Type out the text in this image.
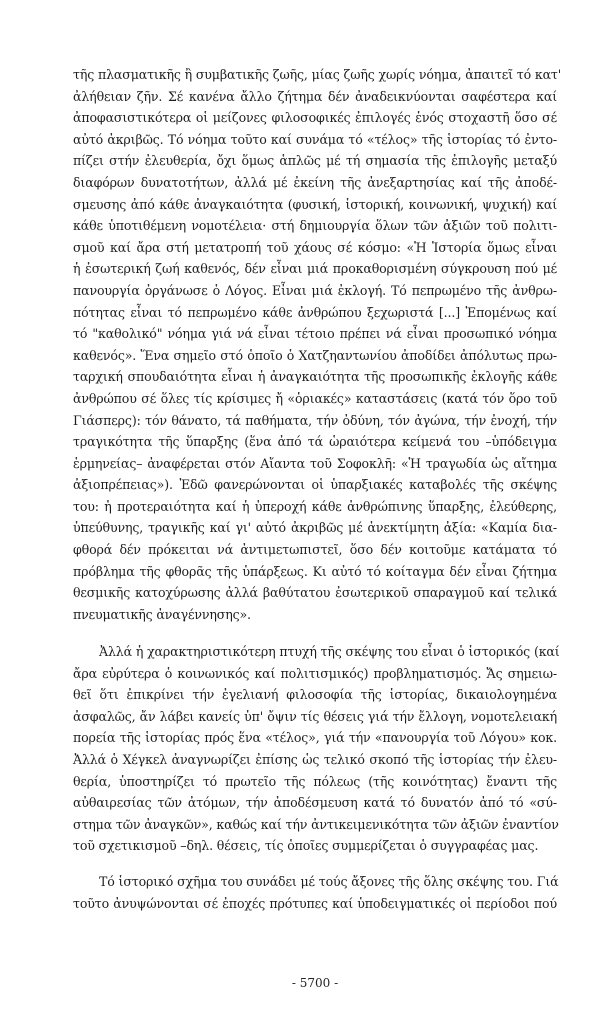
τῆς πλασματικῆς ἢ συμβατικῆς ζωῆς, μίας ζωῆς χωρίς νόημα, ἀπαιτεῖ τό κατ'
ἀλήθειαν ζῆν. Σέ κανένα ἄλλο ζήτημα δέν ἀναδεικνύονται σαφέστερα καί
ἀποφασιστικότερα οἱ μείζονες φιλοσοφικές ἐπιλογές ἑνός στοχαστῆ ὅσο σέ
αὐτό ἀκριβῶς. Τό νόημα τοῦτο καί συνάμα τό «τέλος» τῆς ἱστορίας τό ἐντο-
πίζει στήν ἐλευθερία, ὄχι ὅμως ἁπλῶς μέ τή σημασία τῆς ἐπιλογῆς μεταξύ
διαφόρων δυνατοτήτων, ἀλλά μέ ἐκείνη τῆς ἀνεξαρτησίας καί τῆς ἀποδέ-
σμευσης ἀπό κάθε ἀναγκαιότητα (φυσική, ἱστορική, κοινωνική, ψυχική) καί
κάθε ὑποτιθέμενη νομοτέλεια· στή δημιουργία ὅλων τῶν ἀξιῶν τοῦ πολιτι-
σμοῦ καί ἄρα στή μετατροπή τοῦ χάους σέ κόσμο: «Ἡ Ἱστορία ὅμως εἶναι
ἡ ἐσωτερική ζωή καθενός, δέν εἶναι μιά προκαθορισμένη σύγκρουση πού μέ
πανουργία ὀργάνωσε ὁ Λόγος. Εἶναι μιά ἐκλογή. Τό πεπρωμένο τῆς ἀνθρω-
πότητας εἶναι τό πεπρωμένο κάθε ἀνθρώπου ξεχωριστά [...] Ἐπομένως καί
τό "καθολικό" νόημα γιά νά εἶναι τέτοιο πρέπει νά εἶναι προσωπικό νόημα
καθενός». Ἕνα σημεῖο στό ὁποῖο ὁ Χατζηαντωνίου ἀποδίδει ἀπόλυτως πρω-
ταρχική σπουδαιότητα εἶναι ἡ ἀναγκαιότητα τῆς προσωπικῆς ἐκλογῆς κάθε
ἀνθρώπου σέ ὅλες τίς κρίσιμες ἤ «ὁριακές» καταστάσεις (κατά τόν ὅρο τοῦ
Γιάσπερς): τόν θάνατο, τά παθήματα, τήν ὀδύνη, τόν ἀγώνα, τήν ἐνοχή, τήν
τραγικότητα τῆς ὕπαρξης (ἕνα ἀπό τά ὡραιότερα κείμενά του –ὑπόδειγμα
ἑρμηνείας– ἀναφέρεται στόν Αἴαντα τοῦ Σοφοκλῆ: «Ἡ τραγωδία ὡς αἴτημα
ἀξιοπρέπειας»). Ἐδῶ φανερώνονται οἱ ὑπαρξιακές καταβολές τῆς σκέψης
του: ἡ προτεραιότητα καί ἡ ὑπεροχή κάθε ἀνθρώπινης ὕπαρξης, ἐλεύθερης,
ὑπεύθυνης, τραγικῆς καί γι' αὐτό ἀκριβῶς μέ ἀνεκτίμητη ἀξία: «Καμία δια-
φθορά δέν πρόκειται νά ἀντιμετωπιστεῖ, ὅσο δέν κοιτοῦμε κατάματα τό
πρόβλημα τῆς φθορᾶς τῆς ὑπάρξεως. Κι αὐτό τό κοίταγμα δέν εἶναι ζήτημα
θεσμικῆς κατοχύρωσης ἀλλά βαθύτατου ἐσωτερικοῦ σπαραγμοῦ καί τελικά
πνευματικῆς ἀναγέννησης».
Ἀλλά ἡ χαρακτηριστικότερη πτυχή τῆς σκέψης του εἶναι ὁ ἱστορικός (καί
ἄρα εὐρύτερα ὁ κοινωνικός καί πολιτισμικός) προβληματισμός. Ἄς σημειω-
θεῖ ὅτι ἐπικρίνει τήν ἐγελιανή φιλοσοφία τῆς ἱστορίας, δικαιολογημένα
ἀσφαλῶς, ἄν λάβει κανείς ὑπ' ὄψιν τίς θέσεις γιά τήν ἔλλογη, νομοτελειακή
πορεία τῆς ἱστορίας πρός ἕνα «τέλος», γιά τήν «πανουργία τοῦ Λόγου» κοκ.
Ἀλλά ὁ Χέγκελ ἀναγνωρίζει ἐπίσης ὡς τελικό σκοπό τῆς ἱστορίας τήν ἐλευ-
θερία, ὑποστηρίζει τό πρωτεῖο τῆς πόλεως (τῆς κοινότητας) ἔναντι τῆς
αὐθαιρεσίας τῶν ἀτόμων, τήν ἀποδέσμευση κατά τό δυνατόν ἀπό τό «σύ-
στημα τῶν ἀναγκῶν», καθώς καί τήν ἀντικειμενικότητα τῶν ἀξιῶν ἐναντίον
τοῦ σχετικισμοῦ –δηλ. θέσεις, τίς ὁποῖες συμμερίζεται ὁ συγγραφέας μας.
Τό ἱστορικό σχῆμα του συνάδει μέ τούς ἄξονες τῆς ὅλης σκέψης του. Γιά
τοῦτο ἀνυψώνονται σέ ἐποχές πρότυπες καί ὑποδειγματικές οἱ περίοδοι πού
- 5700 -
